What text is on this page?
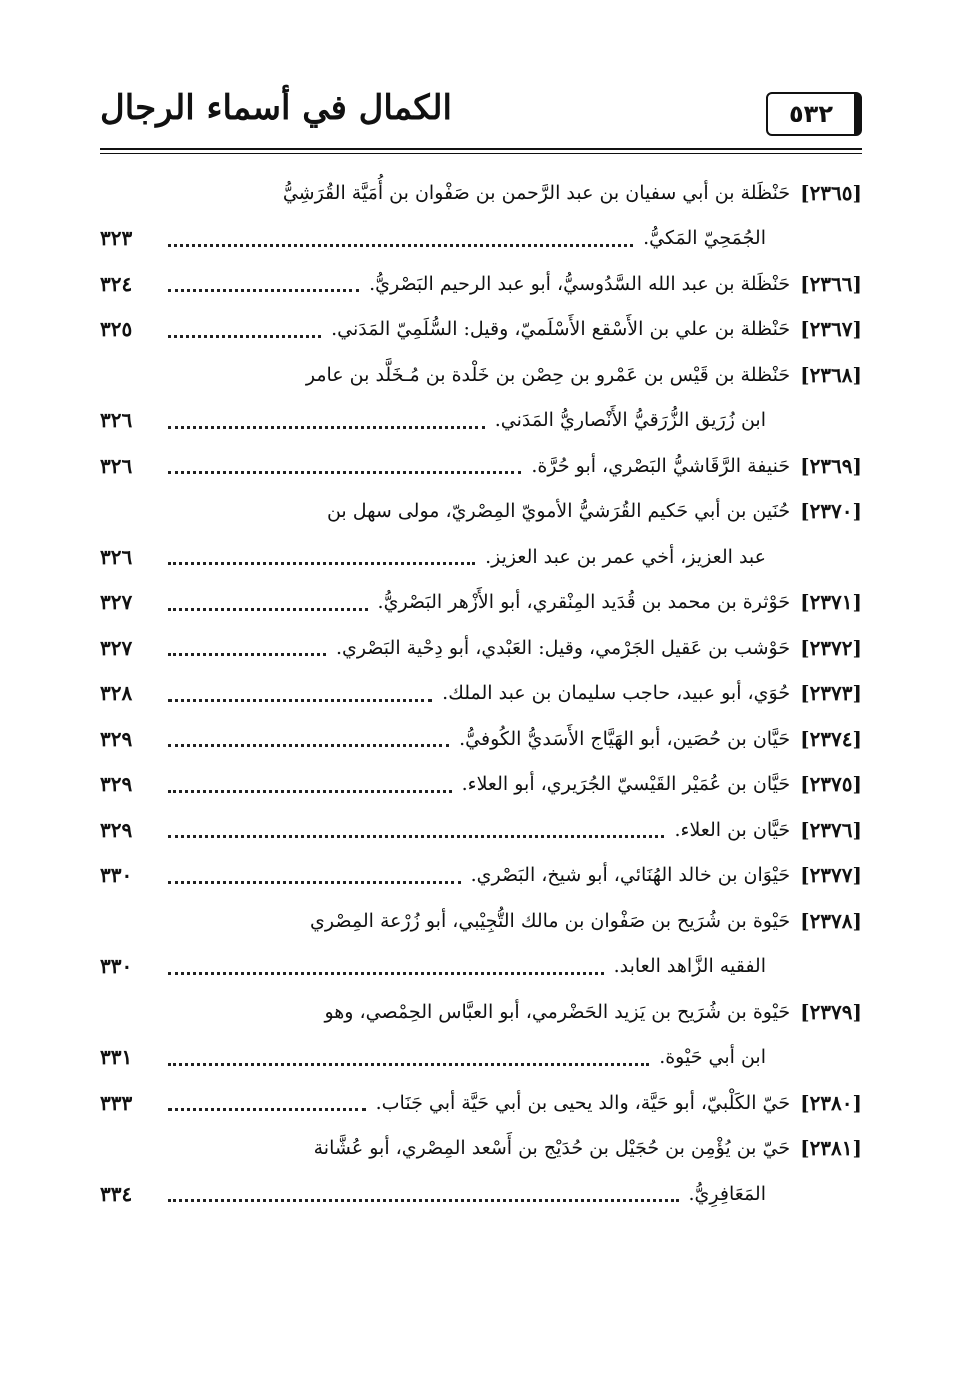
الكمال في أسماء الرجال	٥٣٢
[٢٣٦٥]
حَنْظَلة بن أبي سفيان بن عبد الرَّحمن بن صَفْوان بن أُمَيَّة القُرَشِيُّ
الجُمَحِيّ المَكيُّ.
٣٢٣
[٢٣٦٦]
حَنْظَلة بن عبد الله السَّدُوسيُّ، أبو عبد الرحيم البَصْريُّ.
٣٢٤
[٢٣٦٧]
حَنْظلة بن علي بن الأَسْقع الأَسْلَميّ، وقيل: السُّلَمِيّ المَدَني.
٣٢٥
[٢٣٦٨]
حَنْظلة بن قَيْس بن عَمْرو بن حِصْن بن خَلْدة بن مُـخَلَّد بن عامر
ابن زُرَيق الزُّرَقيُّ الأَنْصاريُّ المَدَني.
٣٢٦
[٢٣٦٩]
حَنيفة الرَّقَاشيُّ البَصْري، أبو حُرَّة.
٣٢٦
[٢٣٧٠]
حُنَين بن أبي حَكيم القُرَشيُّ الأمويّ المِصْريّ، مولى سهل بن
عبد العزيز، أخي عمر بن عبد العزيز.
٣٢٦
[٢٣٧١]
حَوْثرة بن محمد بن قُدَيد المِنْقري، أبو الأَزْهر البَصْريُّ.
٣٢٧
[٢٣٧٢]
حَوْشب بن عَقيل الجَرْمي، وقيل: العَبْدي، أبو دِحْية البَصْري.
٣٢٧
[٢٣٧٣]
حُوَي، أبو عبيد، حاجب سليمان بن عبد الملك.
٣٢٨
[٢٣٧٤]
حَيَّان بن حُصَين، أبو الهَيَّاج الأَسَديُّ الكُوفيُّ.
٣٢٩
[٢٣٧٥]
حَيَّان بن عُمَيْر القَيْسيّ الجُرَيري، أبو العلاء.
٣٢٩
[٢٣٧٦]
حَيَّان بن العلاء.
٣٢٩
[٢٣٧٧]
حَيْوَان بن خالد الهُنَائي، أبو شيخ، البَصْري.
٣٣٠
[٢٣٧٨]
حَيْوة بن شُرَيح بن صَفْوان بن مالك التُّجِيْبي، أبو زُرْعة المِصْري
الفقيه الزَّاهد العابد.
٣٣٠
[٢٣٧٩]
حَيْوة بن شُرَيح بن يَزيد الحَضْرمي، أبو العبَّاس الحِمْصي، وهو
ابن أبي حَيْوة.
٣٣١
[٢٣٨٠]
حَيّ الكَلْبيّ، أبو حَيَّة، والد يحيى بن أبي حَيَّة أبي جَنَاب.
٣٣٣
[٢٣٨١]
حَيّ بن يُؤْمِن بن حُجَيْل بن حُدَيْج بن أَسْعد المِصْري، أبو عُشَّانة
المَعَافِرِيُّ.
٣٣٤
